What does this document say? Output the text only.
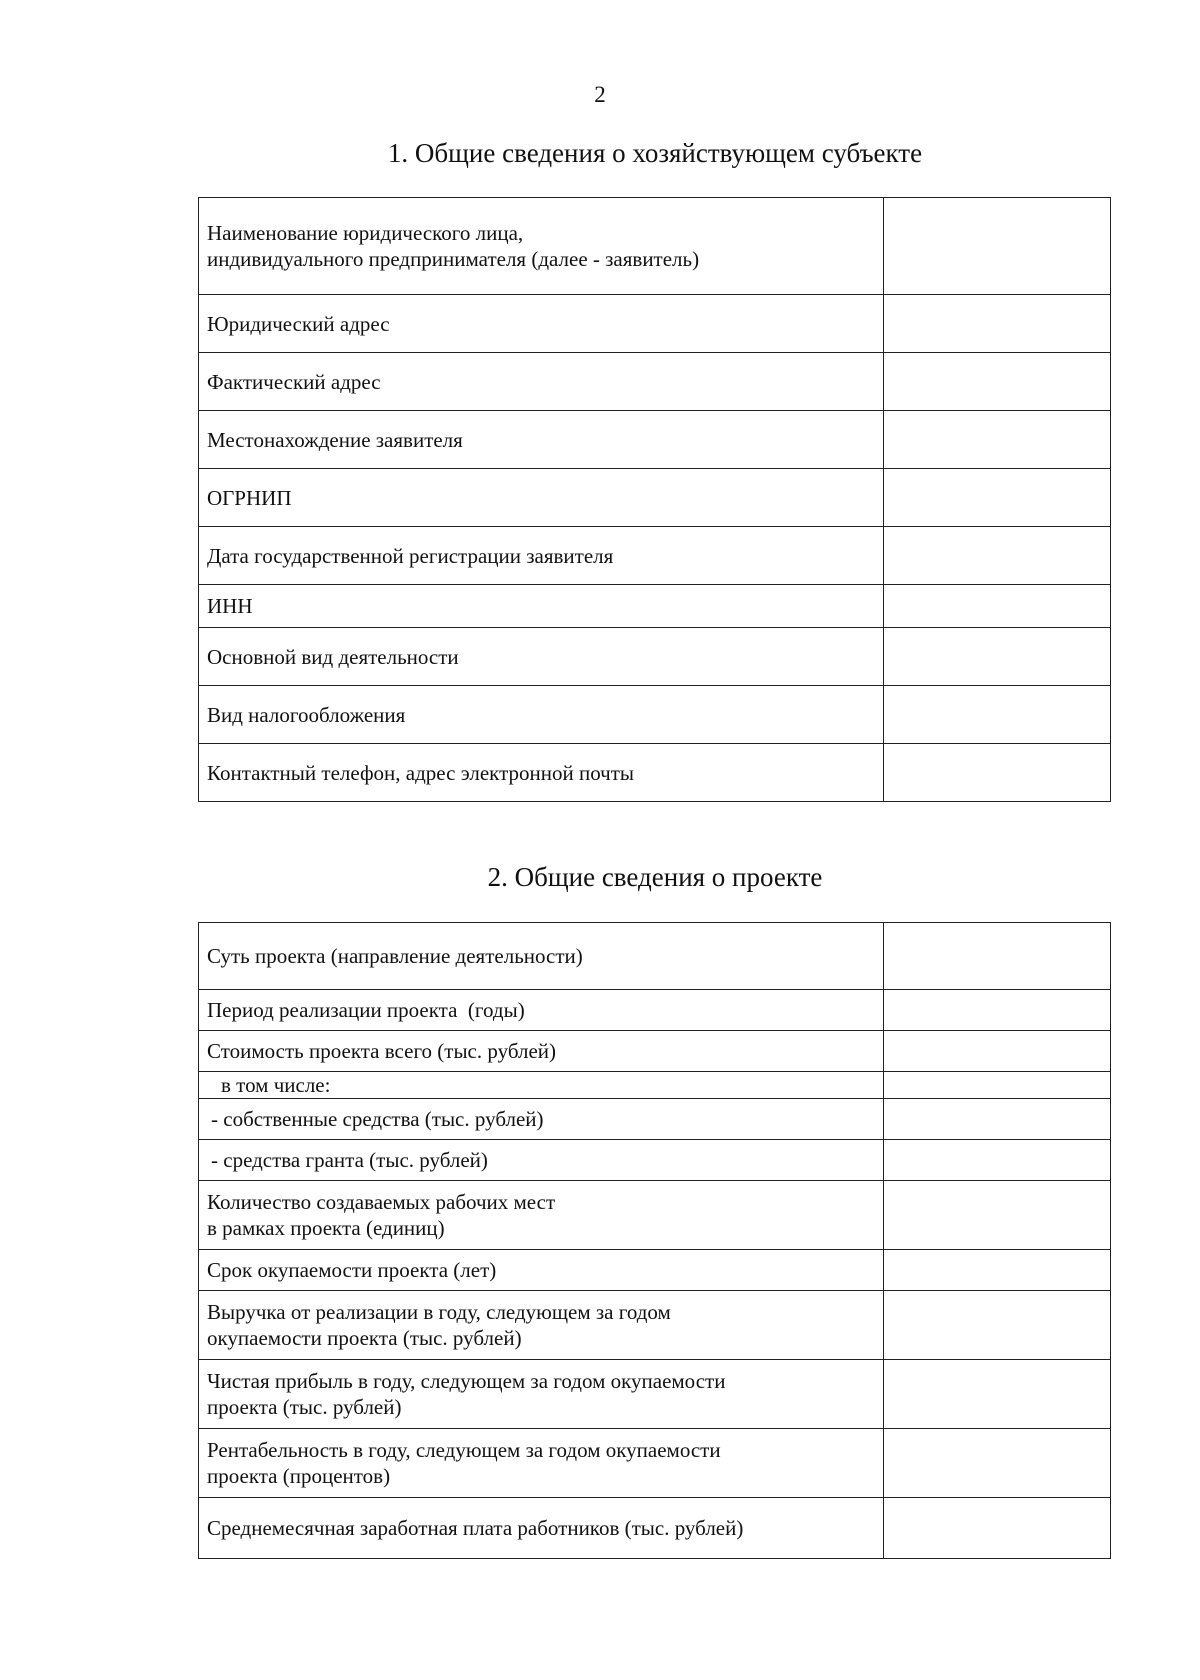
2
1. Общие сведения о хозяйствующем субъекте
Наименование юридического лица,
индивидуального предпринимателя (далее - заявитель)	
Юридический адрес	
Фактический адрес	
Местонахождение заявителя	
ОГРНИП	
Дата государственной регистрации заявителя	
ИНН	
Основной вид деятельности	
Вид налогообложения	
Контактный телефон, адрес электронной почты	
2. Общие сведения о проекте
Суть проекта (направление деятельности)	
Период реализации проекта  (годы)	
Стоимость проекта всего (тыс. рублей)	
в том числе:	
- собственные средства (тыс. рублей)	
- средства гранта (тыс. рублей)	
Количество создаваемых рабочих мест
в рамках проекта (единиц)	
Срок окупаемости проекта (лет)	
Выручка от реализации в году, следующем за годом
окупаемости проекта (тыс. рублей)	
Чистая прибыль в году, следующем за годом окупаемости
проекта (тыс. рублей)	
Рентабельность в году, следующем за годом окупаемости
проекта (процентов)	
Среднемесячная заработная плата работников (тыс. рублей)	
